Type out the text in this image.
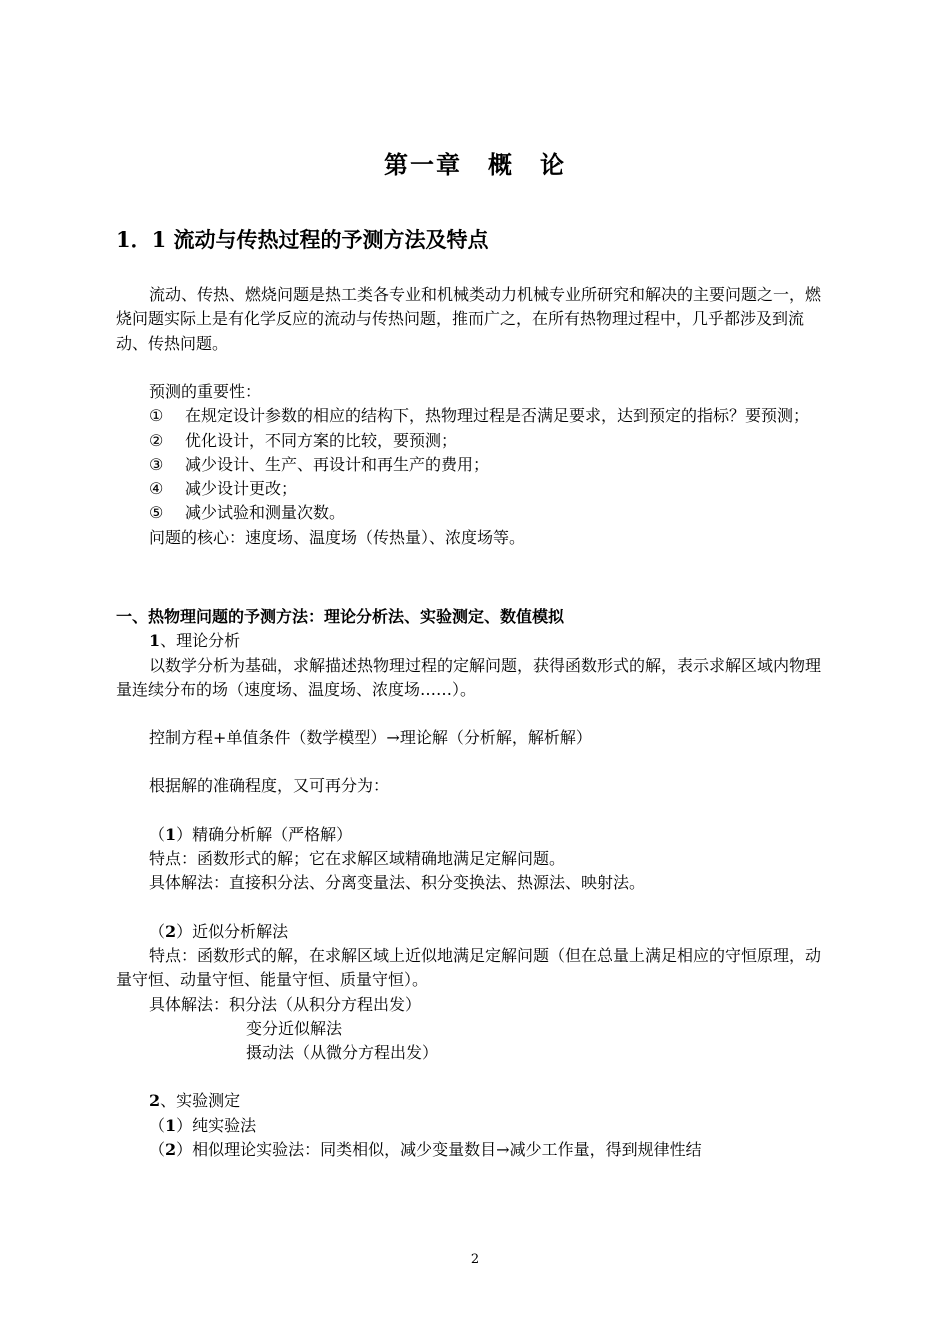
第一章　概　论
1．1 流动与传热过程的予测方法及特点

流动、传热、燃烧问题是热工类各专业和机械类动力机械专业所研究和解决的主要问题之一，燃烧问题实际上是有化学反应的流动与传热问题，推而广之，在所有热物理过程中，几乎都涉及到流动、传热问题。

预测的重要性：

①	在规定设计参数的相应的结构下，热物理过程是否满足要求，达到预定的指标？要预测；
②	优化设计，不同方案的比较，要预测；
③	减少设计、生产、再设计和再生产的费用；
④	减少设计更改；
⑤	减少试验和测量次数。

问题的核心：速度场、温度场（传热量）、浓度场等。

一、热物理问题的予测方法：理论分析法、实验测定、数值模拟

1、理论分析

以数学分析为基础，求解描述热物理过程的定解问题，获得函数形式的解，表示求解区域内物理量连续分布的场（速度场、温度场、浓度场……）。

控制方程+单值条件（数学模型）→理论解（分析解，解析解）

根据解的准确程度，又可再分为：

（1）精确分析解（严格解）

特点：函数形式的解；它在求解区域精确地满足定解问题。

具体解法：直接积分法、分离变量法、积分变换法、热源法、映射法。

（2）近似分析解法

特点：函数形式的解，在求解区域上近似地满足定解问题（但在总量上满足相应的守恒原理，动量守恒、动量守恒、能量守恒、质量守恒）。

具体解法：积分法（从积分方程出发）

变分近似解法

摄动法（从微分方程出发）

2、实验测定

（1）纯实验法

（2）相似理论实验法：同类相似，减少变量数目→减少工作量，得到规律性结

2
